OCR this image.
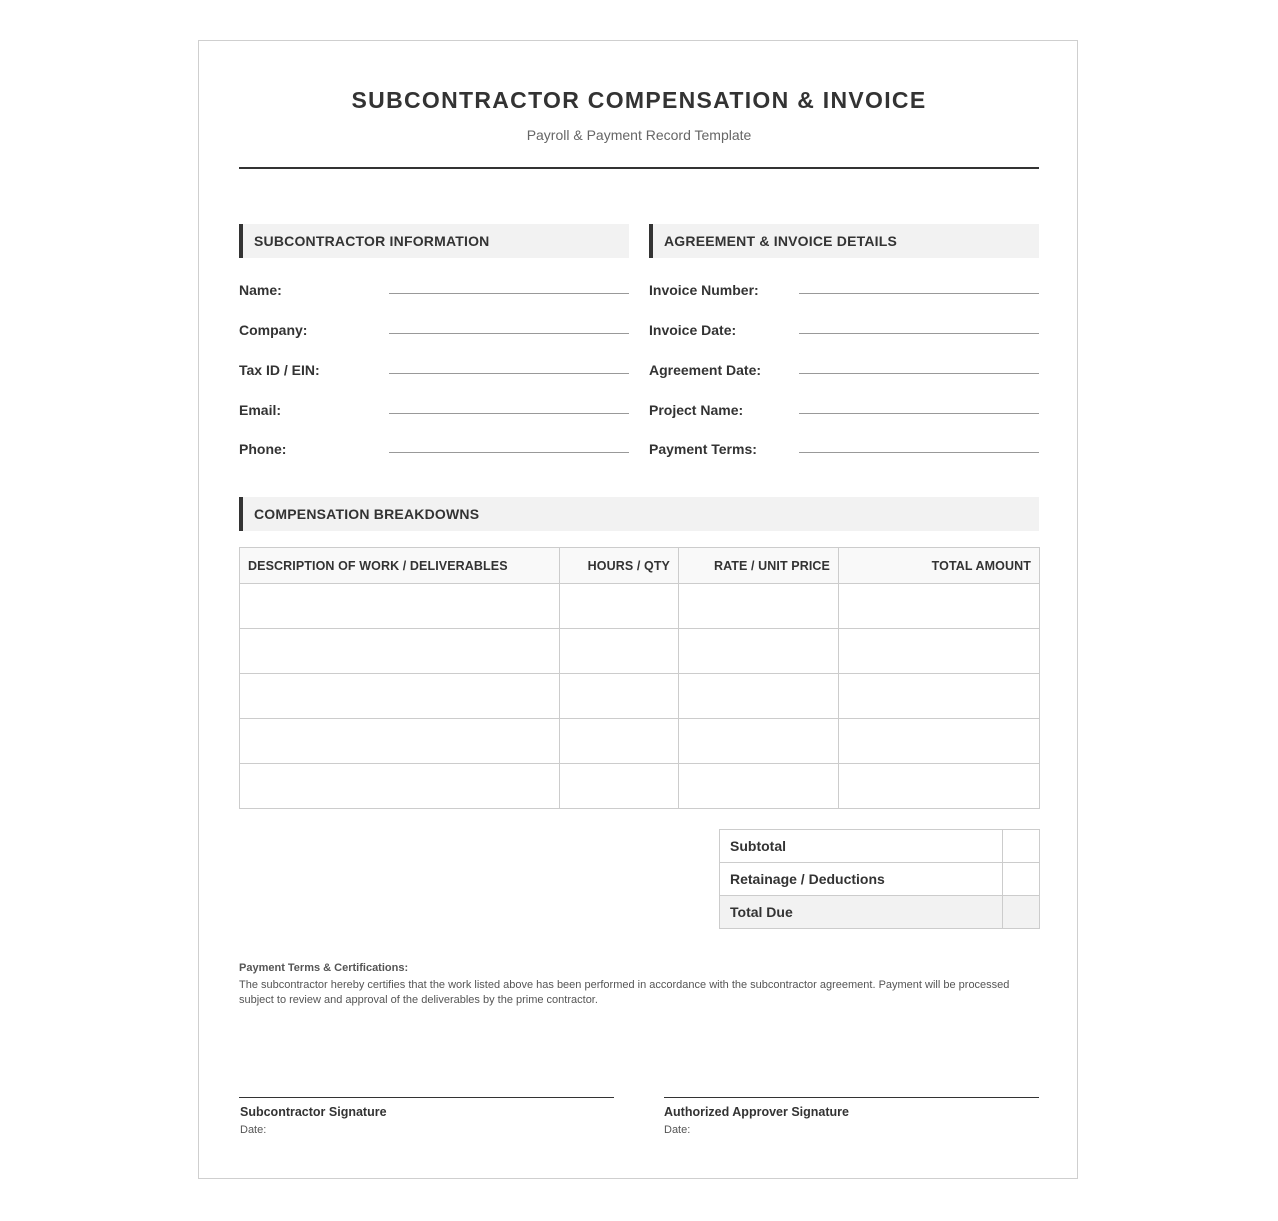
SUBCONTRACTOR COMPENSATION & INVOICE
Payroll & Payment Record Template
SUBCONTRACTOR INFORMATION
Name:
Company:
Tax ID / EIN:
Email:
Phone:
AGREEMENT & INVOICE DETAILS
Invoice Number:
Invoice Date:
Agreement Date:
Project Name:
Payment Terms:
COMPENSATION BREAKDOWNS
DESCRIPTION OF WORK / DELIVERABLES	HOURS / QTY	RATE / UNIT PRICE	TOTAL AMOUNT

Subtotal	
Retainage / Deductions	
Total Due	
Payment Terms & Certifications:
The subcontractor hereby certifies that the work listed above has been performed in accordance with the subcontractor agreement. Payment will be processed subject to review and approval of the deliverables by the prime contractor.
Subcontractor Signature
Date:
Authorized Approver Signature
Date:
